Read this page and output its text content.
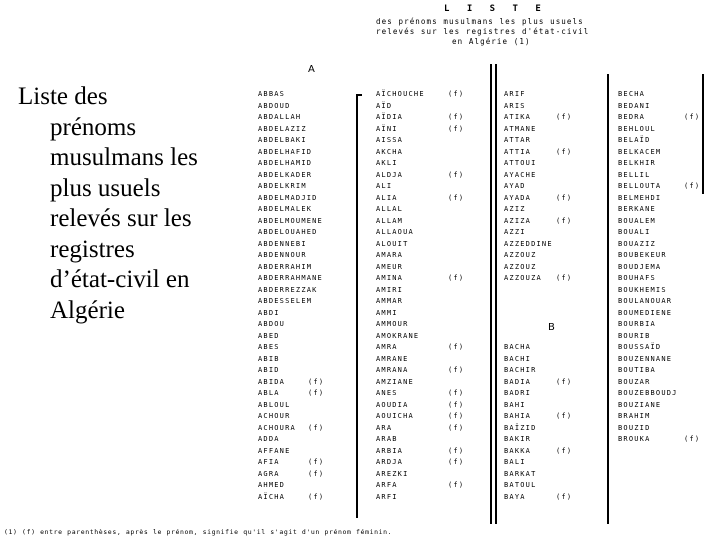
Liste des
prénoms
musulmans les
plus usuels
relevés sur les
registres
d’état-civil en
Algérie
L I S T E
des prénoms musulmans les plus usuels
relevés sur les registres d'état-civil
en Algérie (1)
A
B
ABBAS
ABDOUD
ABDALLAH
ABDELAZIZ
ABDELBAKI
ABDELHAFID
ABDELHAMID
ABDELKADER
ABDELKRIM
ABDELMADJID
ABDELMALEK
ABDELMOUMENE
ABDELOUAHED
ABDENNEBI
ABDENNOUR
ABDERRAHIM
ABDERRAHMANE
ABDERREZZAK
ABDESSELEM
ABDI
ABDOU
ABED
ABES
ABIB
ABID
ABIDA	(f)
ABLA	(f)
ABLOUL
ACHOUR
ACHOURA (f)
ADDA
AFFANE
AFIA	(f)
AGRA	(f)
AHMED
AÏCHA	(f)
AÏCHOUCHE	(f)
AÏD
AÏDIA	(f)
AÏNI	(f)
AISSA
AKCHA
AKLI
ALDJA	(f)
ALI
ALIA	(f)
ALLAL
ALLAM
ALLAOUA
ALOUIT
AMARA
AMEUR
AMINA	(f)
AMIRI
AMMAR
AMMI
AMMOUR
AMOKRANE
AMRA	(f)
AMRANE
AMRANA	(f)
AMZIANE
ANES	(f)
AOUDIA	(f)
AOUICHA	(f)
ARA	(f)
ARAB
ARBIA	(f)
ARDJA	(f)
AREZKI
ARFA	(f)
ARFI
ARIF
ARIS
ATIKA	(f)
ATMANE
ATTAR
ATTIA	(f)
ATTOUI
AYACHE
AYAD
AYADA	(f)
AZIZ
AZIZA	(f)
AZZI
AZZEDDINE
AZZOUZ
AZZOUZ
AZZOUZA (f)
BACHA
BACHI
BACHIR
BADIA	(f)
BADRI
BAHI
BAHIA	(f)
BAÏZID
BAKIR
BAKKA	(f)
BALI
BARKAT
BATOUL
BAYA	(f)
BECHA
BEDANI
BEDRA	(f)
BEHLOUL
BELAÏD
BELKACEM
BELKHIR
BELLIL
BELLOUTA	(f)
BELMEHDI
BERKANE
BOUALEM
BOUALI
BOUAZIZ
BOUBEKEUR
BOUDJEMA
BOUHAFS
BOUKHEMIS
BOULANOUAR
BOUMEDIENE
BOURBIA
BOURIB
BOUSSAÏD
BOUZENNANE
BOUTIBA
BOUZAR
BOUZEBBOUDJ
BOUZIANE
BRAHIM
BOUZID
BROUKA	(f)
(1) (f) entre parenthèses, après le prénom, signifie qu'il s'agit d'un prénom féminin.
